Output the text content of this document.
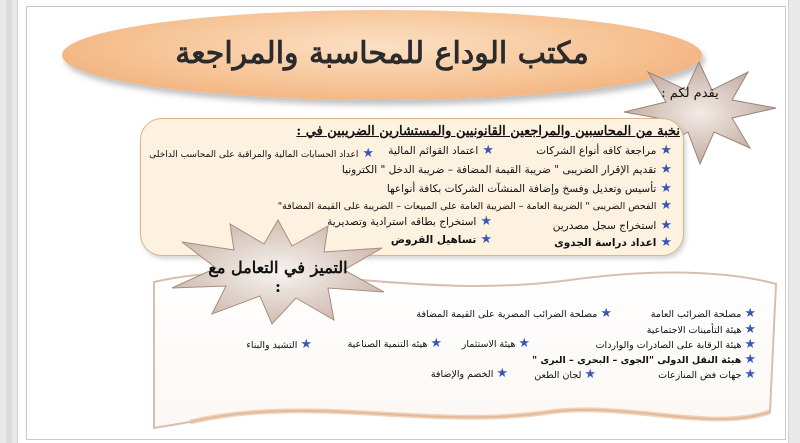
مكتب الوداع للمحاسبة والمراجعة
يقدم لكم :
نخبة من المحاسبين والمراجعين القانونيين والمستشارين الضريبين في :
★مراجعة كافه أنواع الشركات
★اعتماد القوائم المالية
★اعداد الحسابات المالية والمراقبة على المحاسب الداخلى
★تقديم الإقرار الضريبى " ضريبة القيمة المضافة – ضريبة الدخل " الكترونيا
★تأسيس وتعديل وفسخ وإضافة المنشآت الشركات بكافة أنواعها
★الفحص الضريبى " الضريبة العامة – الضريبة العامة على المبيعات – الضريبة على القيمة المضافة"
★استخراج سجل مصدرين
★استخراج بطاقه استرادية وتصديرية
★اعداد دراسة الجدوى
★تساهيل القروض
التميز في التعامل مع :
★مصلحة الضرائب العامة
★مصلحة الضرائب المصرية على القيمة المضافة
★هيئة التأمينات الاجتماعية
★هيئة الرقابة على الصادرات والواردات
★هيئة الاستثمار
★هيئه التنمية الصناعية
★التشيد والبناء
★هيئة النقل الدولى "الجوى – البحرى – البرى "
★جهات فض المنازعات
★لجان الطعن
★الخصم والإضافة
